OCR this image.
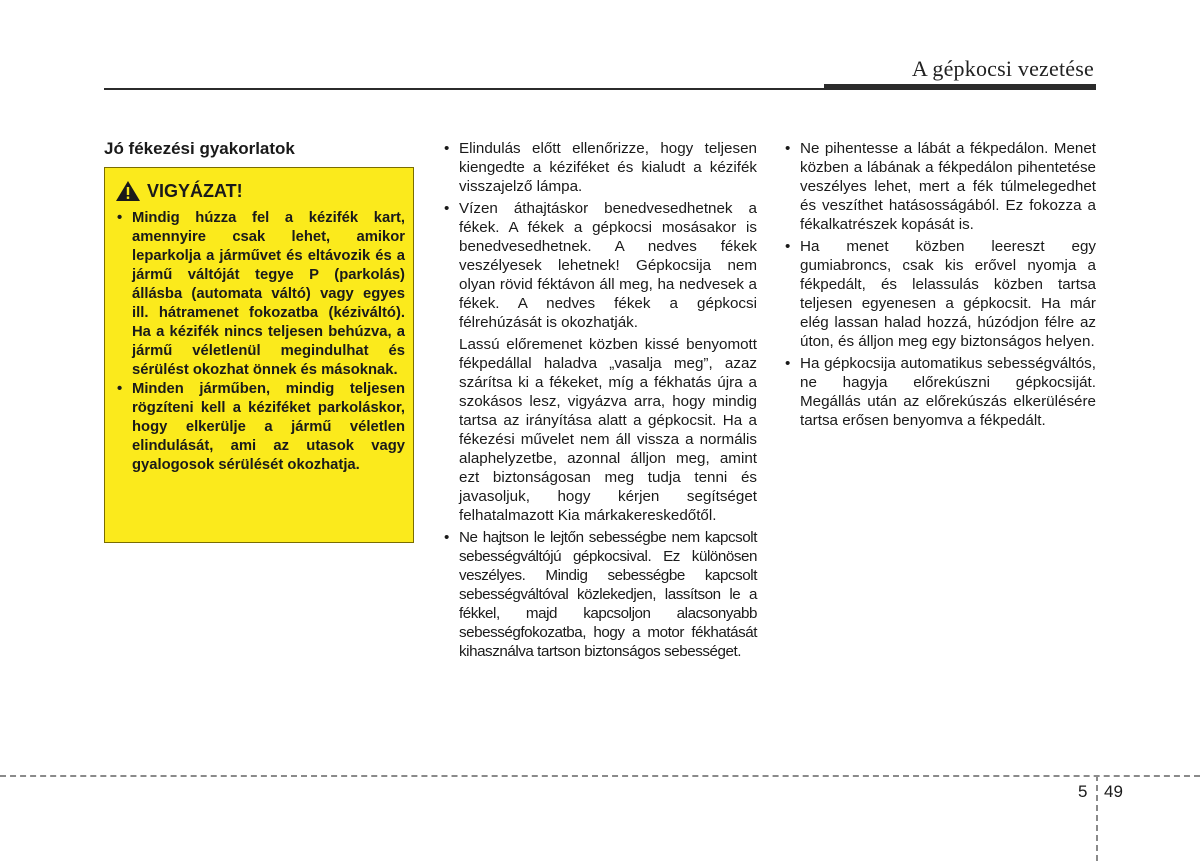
A gépkocsi vezetése
Jó fékezési gyakorlatok
VIGYÁZAT!
• Mindig húzza fel a kézifék kart, amennyire csak lehet, amikor leparkolja a járművet és eltávozik és a jármű váltóját tegye P (parkolás) állásba (automata váltó) vagy egyes ill. hátramenet fokozatba (kéziváltó). Ha a kézifék nincs teljesen behúzva, a jármű véletlenül megindulhat és sérülést okozhat önnek és másoknak.
• Minden járműben, mindig teljesen rögzíteni kell a kéziféket parkoláskor, hogy elkerülje a jármű véletlen elindulását, ami az utasok vagy gyalogosok sérülését okozhatja.
• Elindulás előtt ellenőrizze, hogy teljesen kiengedte a kéziféket és kialudt a kézifék visszajelző lámpa.
• Vízen áthajtáskor benedvesedhetnek a fékek. A fékek a gépkocsi mosásakor is benedvesedhetnek. A nedves fékek veszélyesek lehetnek! Gépkocsija nem olyan rövid féktávon áll meg, ha nedvesek a fékek. A nedves fékek a gépkocsi félrehúzását is okozhatják.

Lassú előremenet közben kissé benyomott fékpedállal haladva „vasalja meg”, azaz szárítsa ki a fékeket, míg a fékhatás újra a szokásos lesz, vigyázva arra, hogy mindig tartsa az irányítása alatt a gépkocsit. Ha a fékezési művelet nem áll vissza a normális alaphelyzetbe, azonnal álljon meg, amint ezt biztonságosan meg tudja tenni és javasoljuk, hogy kérjen segítséget felhatalmazott Kia márkakereskedőtől.

• Ne hajtson le lejtőn sebességbe nem kapcsolt sebességváltójú gépkocsival. Ez különösen veszélyes. Mindig sebességbe kapcsolt sebességváltóval közlekedjen, lassítson le a fékkel, majd kapcsoljon alacsonyabb sebességfokozatba, hogy a motor fékhatását kihasználva tartson biztonságos sebességet.
• Ne pihentesse a lábát a fékpedálon. Menet közben a lábának a fékpedálon pihentetése veszélyes lehet, mert a fék túlmelegedhet és veszíthet hatásosságából. Ez fokozza a fékalkatrészek kopását is.
• Ha menet közben leereszt egy gumiabroncs, csak kis erővel nyomja a fékpedált, és lelassulás közben tartsa teljesen egyenesen a gépkocsit. Ha már elég lassan halad hozzá, húzódjon félre az úton, és álljon meg egy biztonságos helyen.
• Ha gépkocsija automatikus sebességváltós, ne hagyja előrekúszni gépkocsiját. Megállás után az előrekúszás elkerülésére tartsa erősen benyomva a fékpedált.
5 49
